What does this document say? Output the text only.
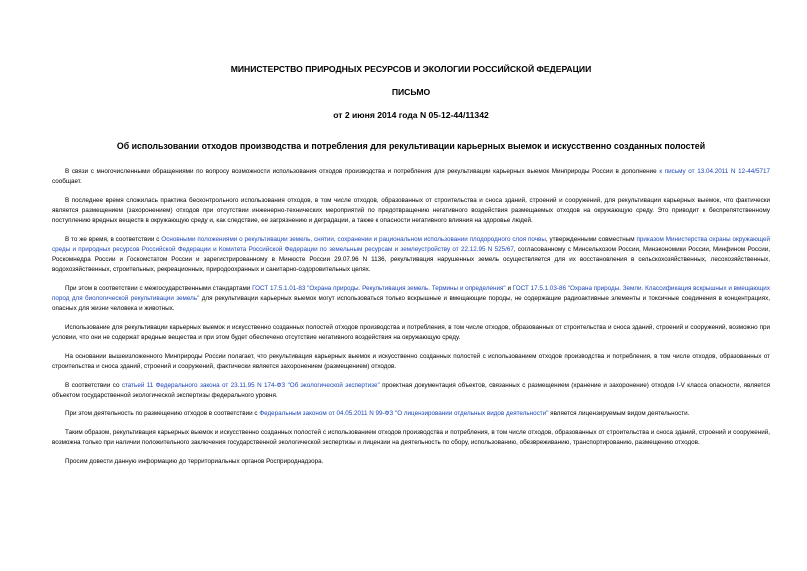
МИНИСТЕРСТВО ПРИРОДНЫХ РЕСУРСОВ И ЭКОЛОГИИ РОССИЙСКОЙ ФЕДЕРАЦИИ

ПИСЬМО

от 2 июня 2014 года N 05-12-44/11342

Об использовании отходов производства и потребления для рекультивации карьерных выемок и искусственно созданных полостей

В связи с многочисленными обращениями по вопросу возможности использования отходов производства и потребления для рекультивации карьерных выемок Минприроды России в дополнение к письму от 13.04.2011 N 12-44/5717 сообщает.

В последнее время сложилась практика бесконтрольного использования отходов, в том числе отходов, образованных от строительства и сноса зданий, строений и сооружений, для рекультивации карьерных выемок, что фактически является размещением (захоронением) отходов при отсутствии инженерно-технических мероприятий по предотвращению негативного воздействия размещаемых отходов на окружающую среду. Это приводит к беспрепятственному поступлению вредных веществ в окружающую среду и, как следствие, ее загрязнению и деградации, а также к опасности негативного влияния на здоровье людей.

В то же время, в соответствии с Основными положениями о рекультивации земель, снятии, сохранении и рациональном использовании плодородного слоя почвы, утвержденными совместным приказом Министерства охраны окружающей среды и природных ресурсов Российской Федерации и Комитета Российской Федерации по земельным ресурсам и землеустройству от 22.12.95 N 525/67, согласованному с Минсельхозом России, Минэкономики России, Минфином России, Роскомнедра России и Госкомстатом России и зарегистрированному в Минюсте России 29.07.96 N 1136, рекультивация нарушенных земель осуществляется для их восстановления в сельскохозяйственных, лесохозяйственных, водохозяйственных, строительных, рекреационных, природоохранных и санитарно-оздоровительных целях.

При этом в соответствии с межгосударственными стандартами ГОСТ 17.5.1.01-83 "Охрана природы. Рекультивация земель. Термины и определения" и ГОСТ 17.5.1.03-86 "Охрана природы. Земли. Классификация вскрышных и вмещающих пород для биологической рекультивации земель" для рекультивации карьерных выемок могут использоваться только вскрышные и вмещающие породы, не содержащие радиоактивные элементы и токсичные соединения в концентрациях, опасных для жизни человека и животных.

Использование для рекультивации карьерных выемок и искусственно созданных полостей отходов производства и потребления, в том числе отходов, образованных от строительства и сноса зданий, строений и сооружений, возможно при условии, что они не содержат вредные вещества и при этом будет обеспечено отсутствие негативного воздействия на окружающую среду.

На основании вышеизложенного Минприроды России полагает, что рекультивация карьерных выемок и искусственно созданных полостей с использованием отходов производства и потребления, в том числе отходов, образованных от строительства и сноса зданий, строений и сооружений, фактически является захоронением (размещением) отходов.

В соответствии со статьей 11 Федерального закона от 23.11.95 N 174-ФЗ "Об экологической экспертизе" проектная документация объектов, связанных с размещением (хранение и захоронение) отходов I-V класса опасности, является объектом государственной экологической экспертизы федерального уровня.

При этом деятельность по размещению отходов в соответствии с Федеральным законом от 04.05.2011 N 99-ФЗ "О лицензировании отдельных видов деятельности" является лицензируемым видом деятельности.

Таким образом, рекультивация карьерных выемок и искусственно созданных полостей с использованием отходов производства и потребления, в том числе отходов, образованных от строительства и сноса зданий, строений и сооружений, возможна только при наличии положительного заключения государственной экологической экспертизы и лицензии на деятельность по сбору, использованию, обезвреживанию, транспортированию, размещению отходов.

Просим довести данную информацию до территориальных органов Росприроднадзора.
